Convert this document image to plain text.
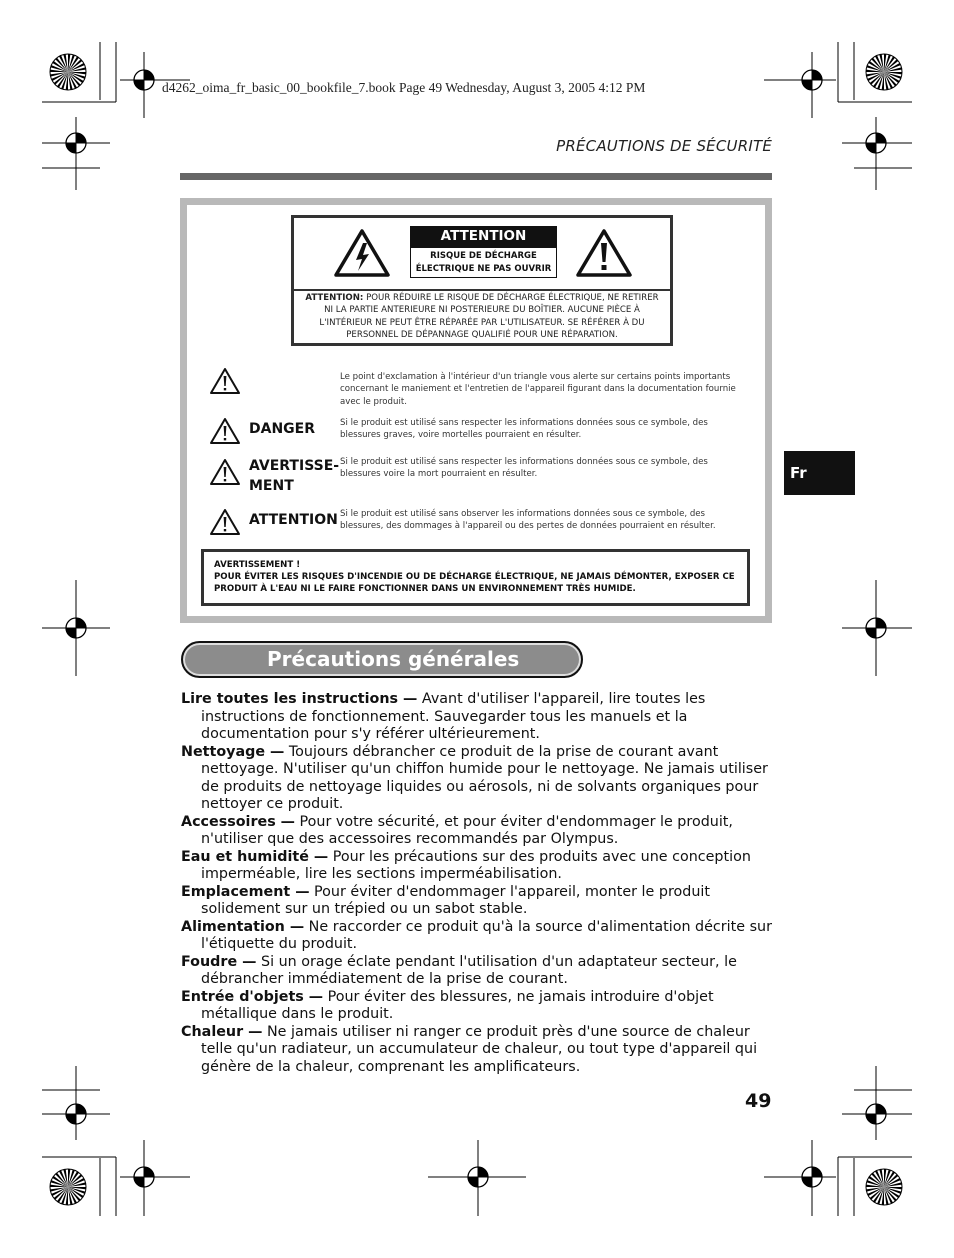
d4262_oima_fr_basic_00_bookfile_7.book Page 49 Wednesday, August 3, 2005 4:12 PM
PRÉCAUTIONS DE SÉCURITÉ
Fr
ATTENTION
RISQUE DE DÉCHARGE
ÉLECTRIQUE NE PAS OUVRIR
ATTENTION: POUR RÉDUIRE LE RISQUE DE DÉCHARGE ÉLECTRIQUE, NE RETIRER
NI LA PARTIE ANTERIEURE NI POSTERIEURE DU BOÎTIER. AUCUNE PIÈCE À
L'INTÉRIEUR NE PEUT ÊTRE RÉPARÉE PAR L'UTILISATEUR. SE RÉFÉRER À DU
PERSONNEL DE DÉPANNAGE QUALIFIÉ POUR UNE RÉPARATION.
Le point d'exclamation à l'intérieur d'un triangle vous alerte sur certains points importants concernant le maniement et l'entretien de l'appareil figurant dans la documentation fournie avec le produit.
DANGER	Si le produit est utilisé sans respecter les informations données sous ce symbole, des blessures graves, voire mortelles pourraient en résulter.
AVERTISSE-
MENT
Si le produit est utilisé sans respecter les informations données sous ce symbole, des blessures voire la mort pourraient en résulter.
ATTENTION Si le produit est utilisé sans observer les informations données sous ce symbole, des blessures, des dommages à l'appareil ou des pertes de données pourraient en résulter.
AVERTISSEMENT !
POUR ÉVITER LES RISQUES D'INCENDIE OU DE DÉCHARGE ÉLECTRIQUE, NE JAMAIS DÉMONTER, EXPOSER CE PRODUIT À L'EAU NI LE FAIRE FONCTIONNER DANS UN ENVIRONNEMENT TRÈS HUMIDE.
Précautions générales

Lire toutes les instructions — Avant d'utiliser l'appareil, lire toutes les instructions de fonctionnement. Sauvegarder tous les manuels et la documentation pour s'y référer ultérieurement.

Nettoyage — Toujours débrancher ce produit de la prise de courant avant nettoyage. N'utiliser qu'un chiffon humide pour le nettoyage. Ne jamais utiliser de produits de nettoyage liquides ou aérosols, ni de solvants organiques pour nettoyer ce produit.

Accessoires — Pour votre sécurité, et pour éviter d'endommager le produit, n'utiliser que des accessoires recommandés par Olympus.

Eau et humidité — Pour les précautions sur des produits avec une conception imperméable, lire les sections imperméabilisation.

Emplacement — Pour éviter d'endommager l'appareil, monter le produit solidement sur un trépied ou un sabot stable.

Alimentation — Ne raccorder ce produit qu'à la source d'alimentation décrite sur l'étiquette du produit.

Foudre — Si un orage éclate pendant l'utilisation d'un adaptateur secteur, le débrancher immédiatement de la prise de courant.

Entrée d'objets — Pour éviter des blessures, ne jamais introduire d'objet métallique dans le produit.

Chaleur — Ne jamais utiliser ni ranger ce produit près d'une source de chaleur telle qu'un radiateur, un accumulateur de chaleur, ou tout type d'appareil qui génère de la chaleur, comprenant les amplificateurs.

49
